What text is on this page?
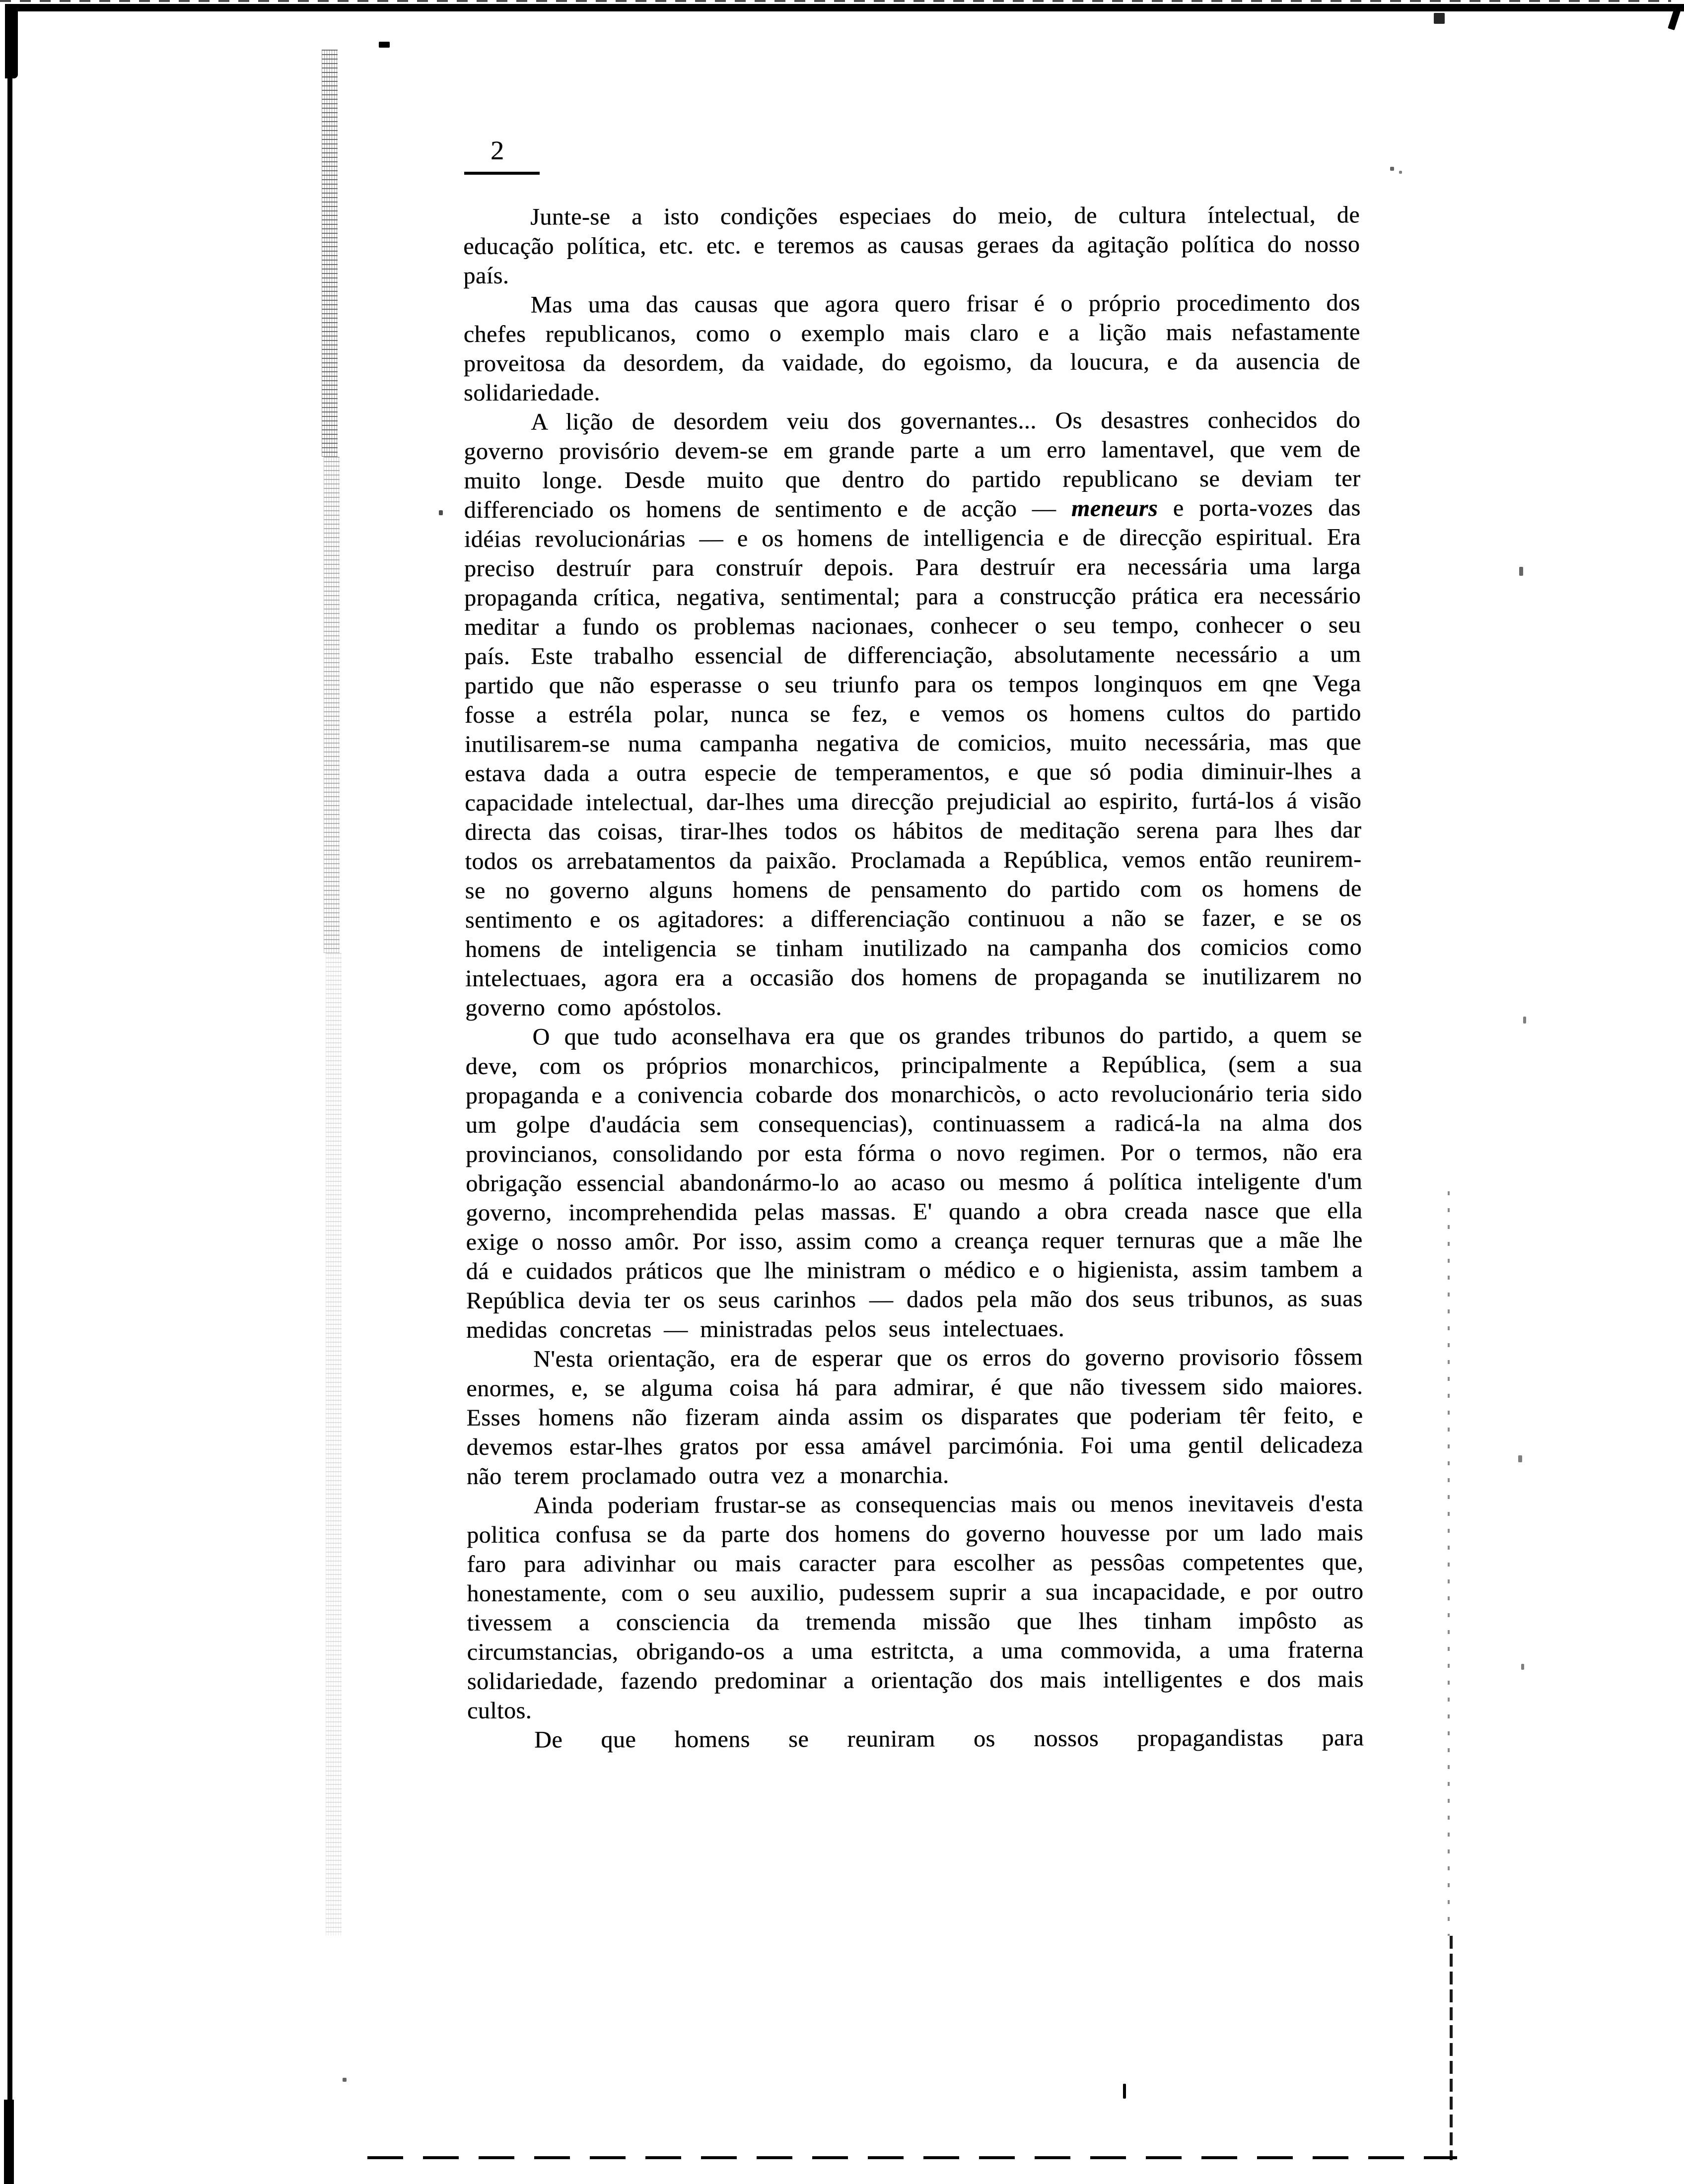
2

Junte-se a isto condições especiaes do meio, de cultura íntelectual, de educação política, etc. etc. e teremos as causas geraes da agitação política do nosso país.

Mas uma das causas que agora quero frisar é o próprio procedimento dos chefes republicanos, como o exemplo mais claro e a lição mais nefastamente proveitosa da desordem, da vaidade, do egoismo, da loucura, e da ausencia de solidariedade.

A lição de desordem veiu dos governantes... Os desastres conhecidos do governo provisório devem-se em grande parte a um erro lamentavel, que vem de muito longe. Desde muito que dentro do partido republicano se deviam ter differenciado os homens de sentimento e de acção — meneurs e porta-vozes das idéias revolucionárias — e os homens de intelligencia e de direcção espiritual. Era preciso destruír para construír depois. Para destruír era necessária uma larga propaganda crítica, negativa, sentimental; para a construcção prática era necessário meditar a fundo os problemas nacionaes, conhecer o seu tempo, conhecer o seu país. Este trabalho essencial de differenciação, absolutamente necessário a um partido que não esperasse o seu triunfo para os tempos longinquos em qne Vega fosse a estréla polar, nunca se fez, e vemos os homens cultos do partido inutilisarem-se numa campanha negativa de comicios, muito necessária, mas que estava dada a outra especie de temperamentos, e que só podia diminuir-lhes a capacidade intelectual, dar-lhes uma direcção prejudicial ao espirito, furtá-los á visão directa das coisas, tirar-lhes todos os hábitos de meditação serena para lhes dar todos os arrebatamentos da paixão. Proclamada a República, vemos então reunirem-se no governo alguns homens de pensamento do partido com os homens de sentimento e os agitadores: a differenciação continuou a não se fazer, e se os homens de inteligencia se tinham inutilizado na campanha dos comicios como intelectuaes, agora era a occasião dos homens de propaganda se inutilizarem no governo como apóstolos.

O que tudo aconselhava era que os grandes tribunos do partido, a quem se deve, com os próprios monarchicos, principalmente a República, (sem a sua propaganda e a conivencia cobarde dos monarchicòs, o acto revolucionário teria sido um golpe d'audácia sem consequencias), continuassem a radicá-la na alma dos provincianos, consolidando por esta fórma o novo regimen. Por o termos, não era obrigação essencial abandonármo-lo ao acaso ou mesmo á política inteligente d'um governo, incomprehendida pelas massas. E' quando a obra creada nasce que ella exige o nosso amôr. Por isso, assim como a creança requer ternuras que a mãe lhe dá e cuidados práticos que lhe ministram o médico e o higienista, assim tambem a República devia ter os seus carinhos — dados pela mão dos seus tribunos, as suas medidas concretas — ministradas pelos seus intelectuaes.

N'esta orientação, era de esperar que os erros do governo provisorio fôssem enormes, e, se alguma coisa há para admirar, é que não tivessem sido maiores. Esses homens não fizeram ainda assim os disparates que poderiam têr feito, e devemos estar-lhes gratos por essa amável parcimónia. Foi uma gentil delicadeza não terem proclamado outra vez a monarchia.

Ainda poderiam frustar-se as consequencias mais ou menos inevitaveis d'esta politica confusa se da parte dos homens do governo houvesse por um lado mais faro para adivinhar ou mais caracter para escolher as pessôas competentes que, honestamente, com o seu auxilio, pudessem suprir a sua incapacidade, e por outro tivessem a consciencia da tremenda missão que lhes tinham impôsto as circumstancias, obrigando-os a uma estritcta, a uma commovida, a uma fraterna solidariedade, fazendo predominar a orientação dos mais intelligentes e dos mais cultos.

De que homens se reuniram os nossos propagandistas para
